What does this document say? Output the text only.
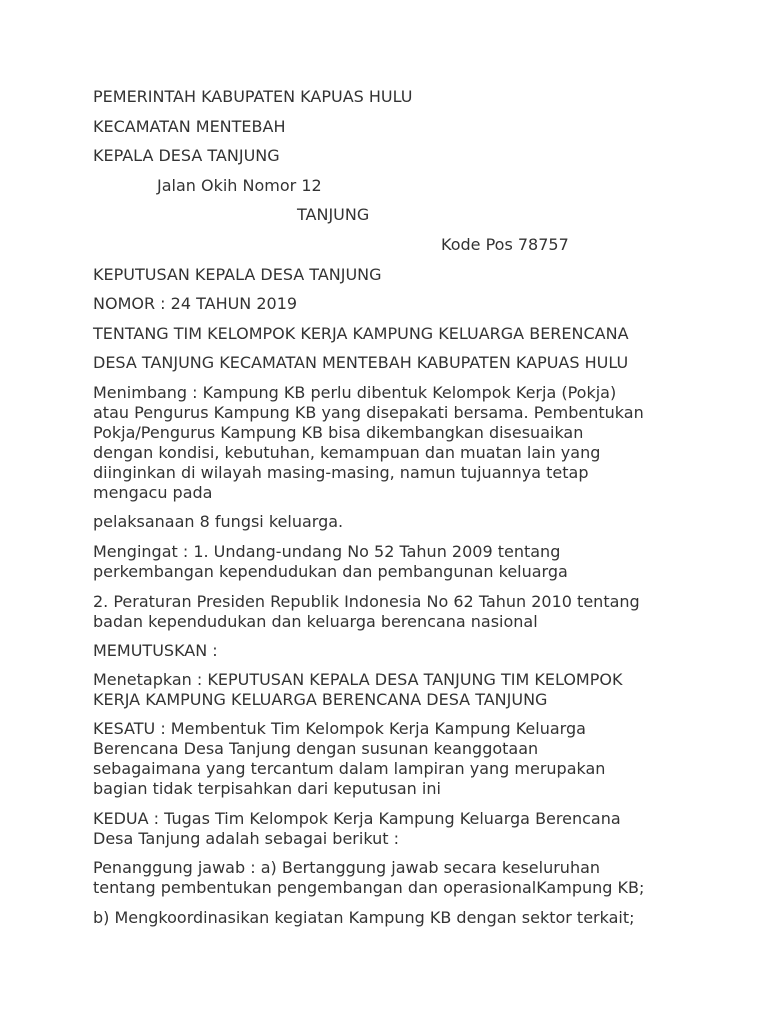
PEMERINTAH KABUPATEN KAPUAS HULU
KECAMATAN MENTEBAH
KEPALA DESA TANJUNG
Jalan Okih Nomor 12
TANJUNG
Kode Pos 78757
KEPUTUSAN KEPALA DESA TANJUNG
NOMOR : 24 TAHUN 2019
TENTANG TIM KELOMPOK KERJA KAMPUNG KELUARGA BERENCANA
DESA TANJUNG KECAMATAN MENTEBAH KABUPATEN KAPUAS HULU
Menimbang : Kampung KB perlu dibentuk Kelompok Kerja (Pokja)
atau Pengurus Kampung KB yang disepakati bersama. Pembentukan
Pokja/Pengurus Kampung KB bisa dikembangkan disesuaikan
dengan kondisi, kebutuhan, kemampuan dan muatan lain yang
diinginkan di wilayah masing-masing, namun tujuannya tetap
mengacu pada
pelaksanaan 8 fungsi keluarga.
Mengingat : 1. Undang-undang No 52 Tahun 2009 tentang
perkembangan kependudukan dan pembangunan keluarga
2. Peraturan Presiden Republik Indonesia No 62 Tahun 2010 tentang
badan kependudukan dan keluarga berencana nasional
MEMUTUSKAN :
Menetapkan : KEPUTUSAN KEPALA DESA TANJUNG TIM KELOMPOK
KERJA KAMPUNG KELUARGA BERENCANA DESA TANJUNG
KESATU : Membentuk Tim Kelompok Kerja Kampung Keluarga
Berencana Desa Tanjung dengan susunan keanggotaan
sebagaimana yang tercantum dalam lampiran yang merupakan
bagian tidak terpisahkan dari keputusan ini
KEDUA : Tugas Tim Kelompok Kerja Kampung Keluarga Berencana
Desa Tanjung adalah sebagai berikut :
Penanggung jawab : a) Bertanggung jawab secara keseluruhan
tentang pembentukan pengembangan dan operasionalKampung KB;
b) Mengkoordinasikan kegiatan Kampung KB dengan sektor terkait;
